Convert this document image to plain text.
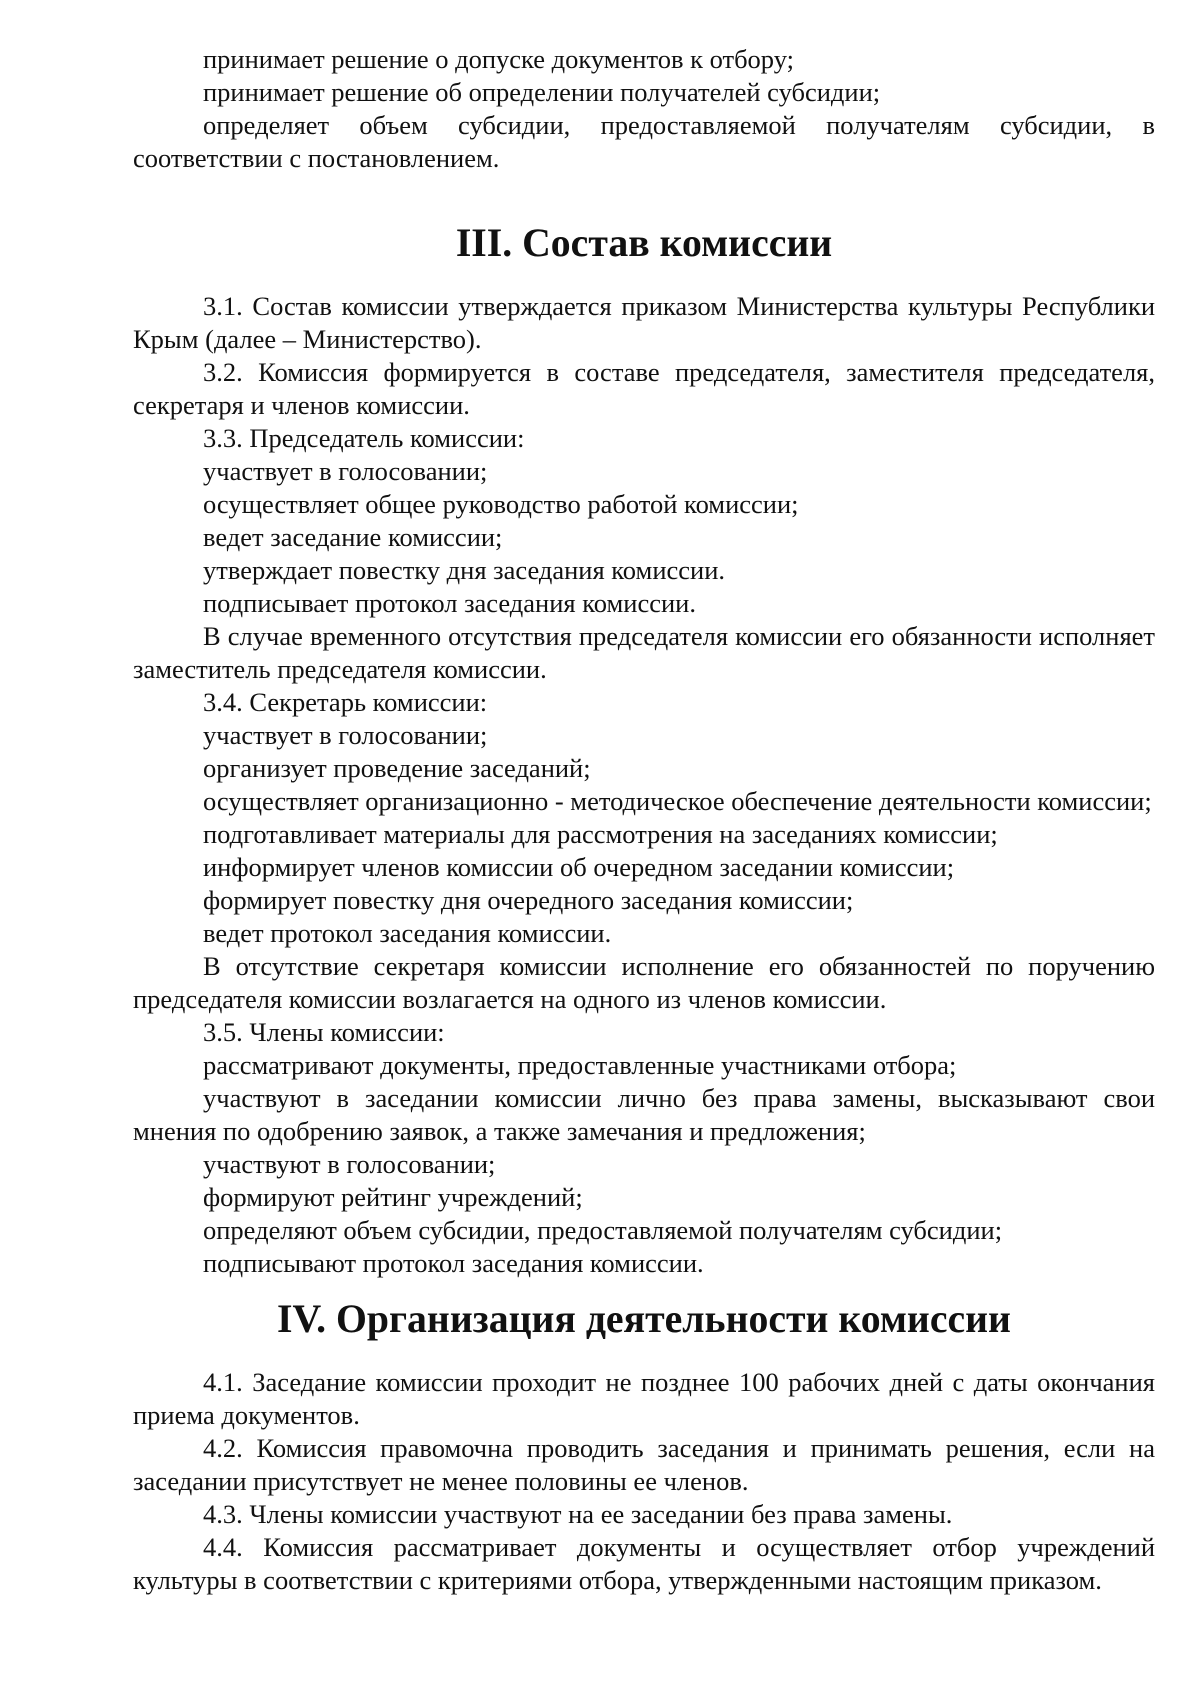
принимает решение о допуске документов к отбору;

принимает решение об определении получателей субсидии;

определяет объем субсидии, предоставляемой получателям субсидии, в соответствии с постановлением.

III. Состав комиссии

3.1. Состав комиссии утверждается приказом Министерства культуры Республики Крым (далее – Министерство).

3.2. Комиссия формируется в составе председателя, заместителя председателя, секретаря и членов комиссии.

3.3. Председатель комиссии:

участвует в голосовании;

осуществляет общее руководство работой комиссии;

ведет заседание комиссии;

утверждает повестку дня заседания комиссии.

подписывает протокол заседания комиссии.

В случае временного отсутствия председателя комиссии его обязанности исполняет заместитель председателя комиссии.

3.4. Секретарь комиссии:

участвует в голосовании;

организует проведение заседаний;

осуществляет организационно - методическое обеспечение деятельности комиссии;

подготавливает материалы для рассмотрения на заседаниях комиссии;

информирует членов комиссии об очередном заседании комиссии;

формирует повестку дня очередного заседания комиссии;

ведет протокол заседания комиссии.

В отсутствие секретаря комиссии исполнение его обязанностей по поручению председателя комиссии возлагается на одного из членов комиссии.

3.5. Члены комиссии:

рассматривают документы, предоставленные участниками отбора;

участвуют в заседании комиссии лично без права замены, высказывают свои мнения по одобрению заявок, а также замечания и предложения;

участвуют в голосовании;

формируют рейтинг учреждений;

определяют объем субсидии, предоставляемой получателям субсидии;

подписывают протокол заседания комиссии.

IV. Организация деятельности комиссии

4.1. Заседание комиссии проходит не позднее 100 рабочих дней с даты окончания приема документов.

4.2. Комиссия правомочна проводить заседания и принимать решения, если на заседании присутствует не менее половины ее членов.

4.3. Члены комиссии участвуют на ее заседании без права замены.

4.4. Комиссия рассматривает документы и осуществляет отбор учреждений культуры в соответствии с критериями отбора, утвержденными настоящим приказом.
